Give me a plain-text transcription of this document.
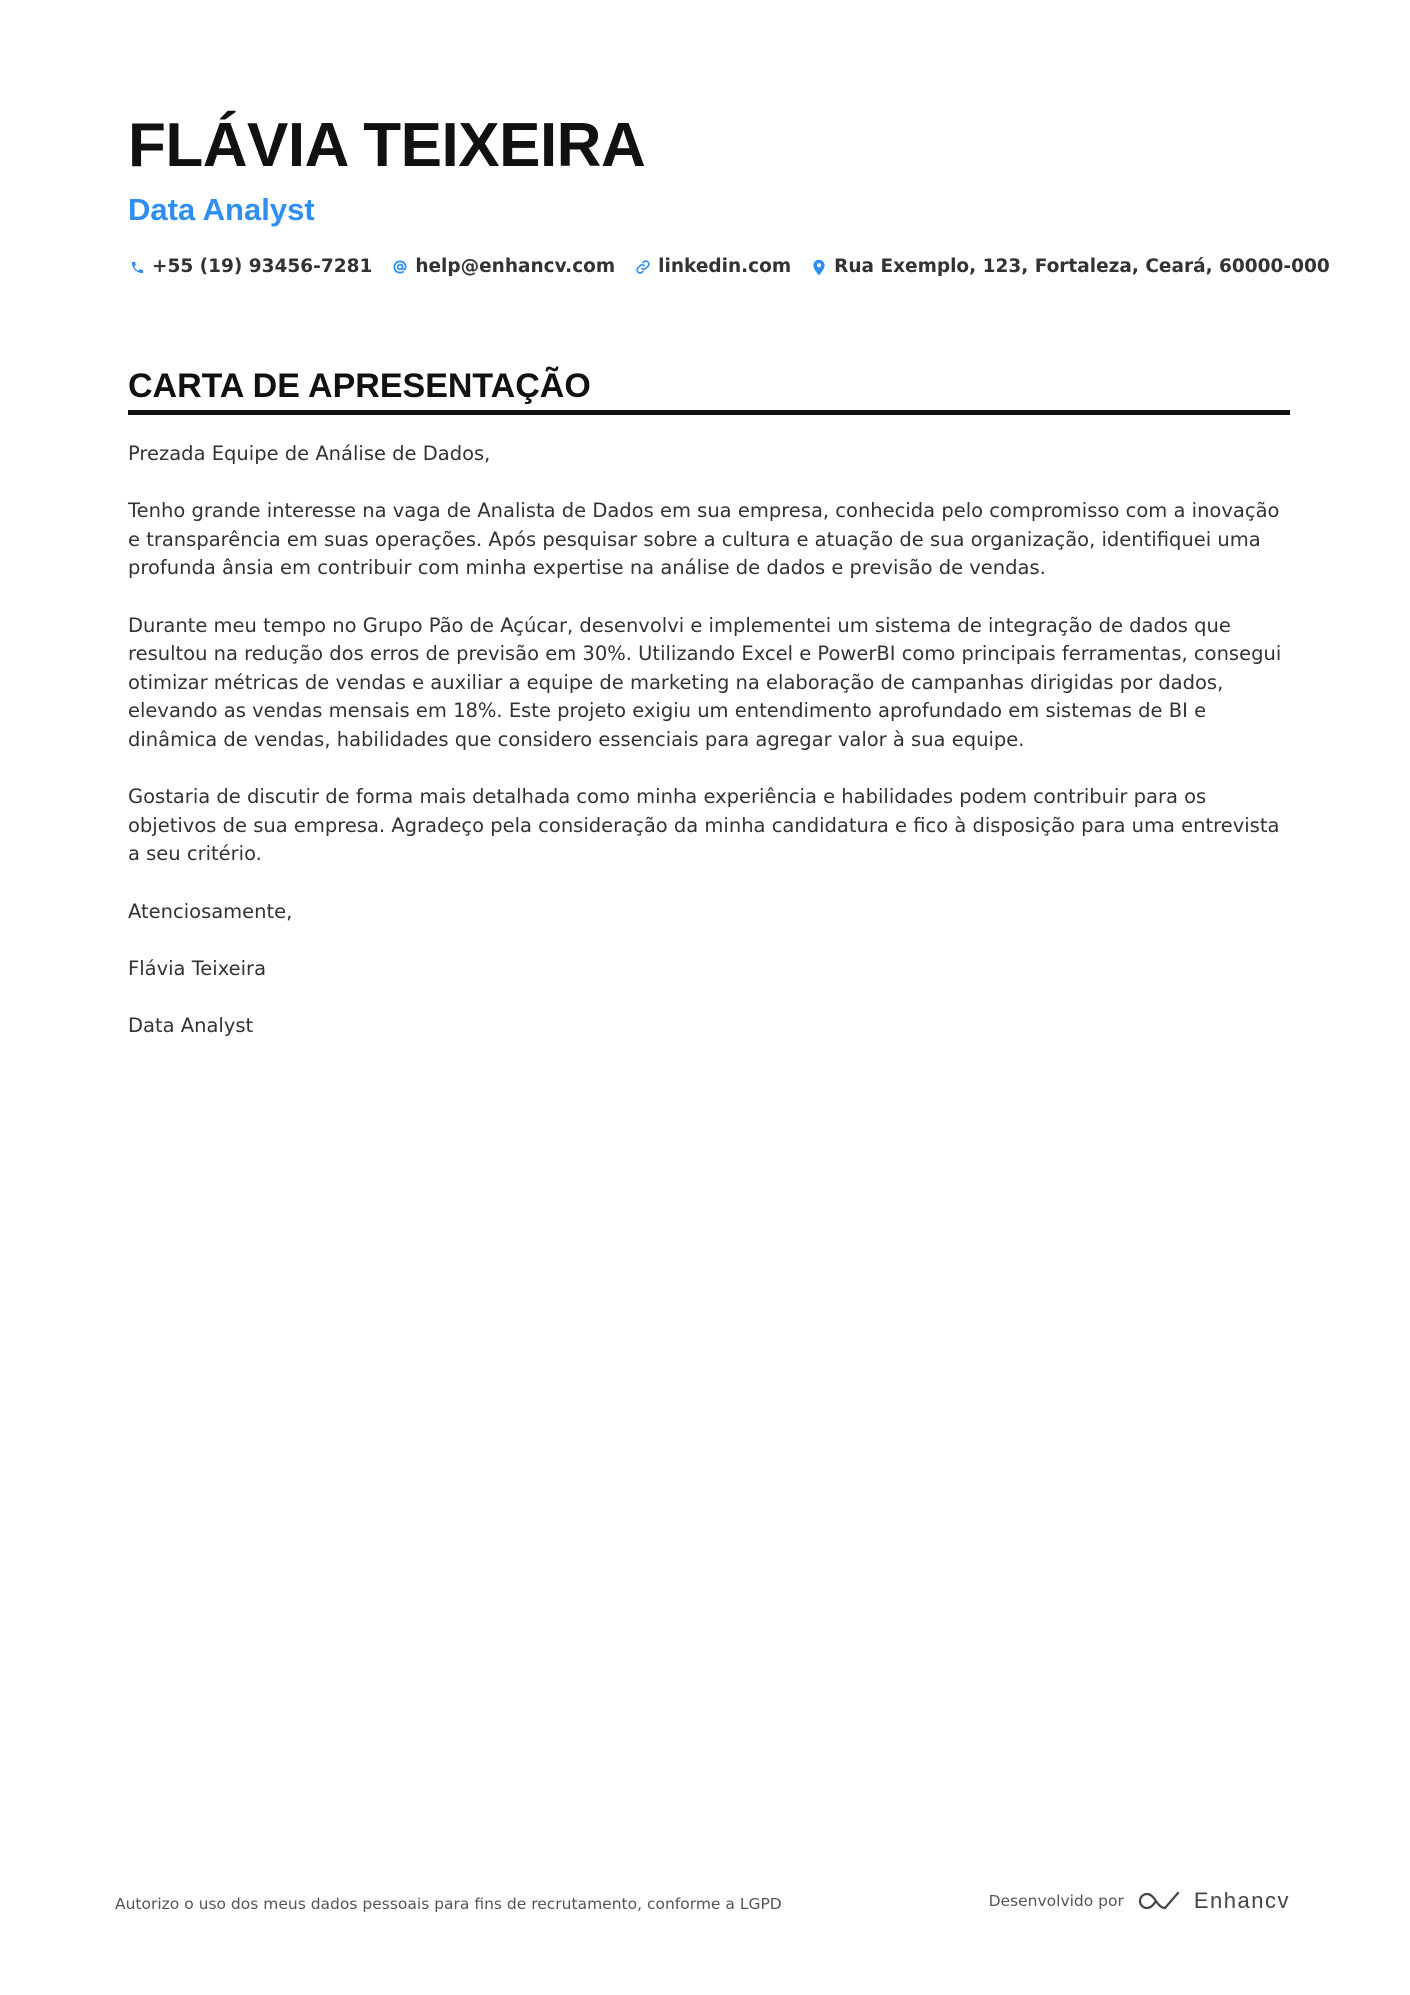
FLÁVIA TEIXEIRA
Data Analyst
+55 (19) 93456-7281 help@enhancv.com linkedin.com Rua Exemplo, 123, Fortaleza, Ceará, 60000-000
CARTA DE APRESENTAÇÃO

Prezada Equipe de Análise de Dados,

Tenho grande interesse na vaga de Analista de Dados em sua empresa, conhecida pelo compromisso com a inovação e transparência em suas operações. Após pesquisar sobre a cultura e atuação de sua organização, identifiquei uma profunda ânsia em contribuir com minha expertise na análise de dados e previsão de vendas.

Durante meu tempo no Grupo Pão de Açúcar, desenvolvi e implementei um sistema de integração de dados que resultou na redução dos erros de previsão em 30%. Utilizando Excel e PowerBI como principais ferramentas, consegui otimizar métricas de vendas e auxiliar a equipe de marketing na elaboração de campanhas dirigidas por dados, elevando as vendas mensais em 18%. Este projeto exigiu um entendimento aprofundado em sistemas de BI e dinâmica de vendas, habilidades que considero essenciais para agregar valor à sua equipe.

Gostaria de discutir de forma mais detalhada como minha experiência e habilidades podem contribuir para os objetivos de sua empresa. Agradeço pela consideração da minha candidatura e fico à disposição para uma entrevista a seu critério.

Atenciosamente,

Flávia Teixeira

Data Analyst

Autorizo o uso dos meus dados pessoais para fins de recrutamento, conforme a LGPD	Desenvolvido por	Enhancv
